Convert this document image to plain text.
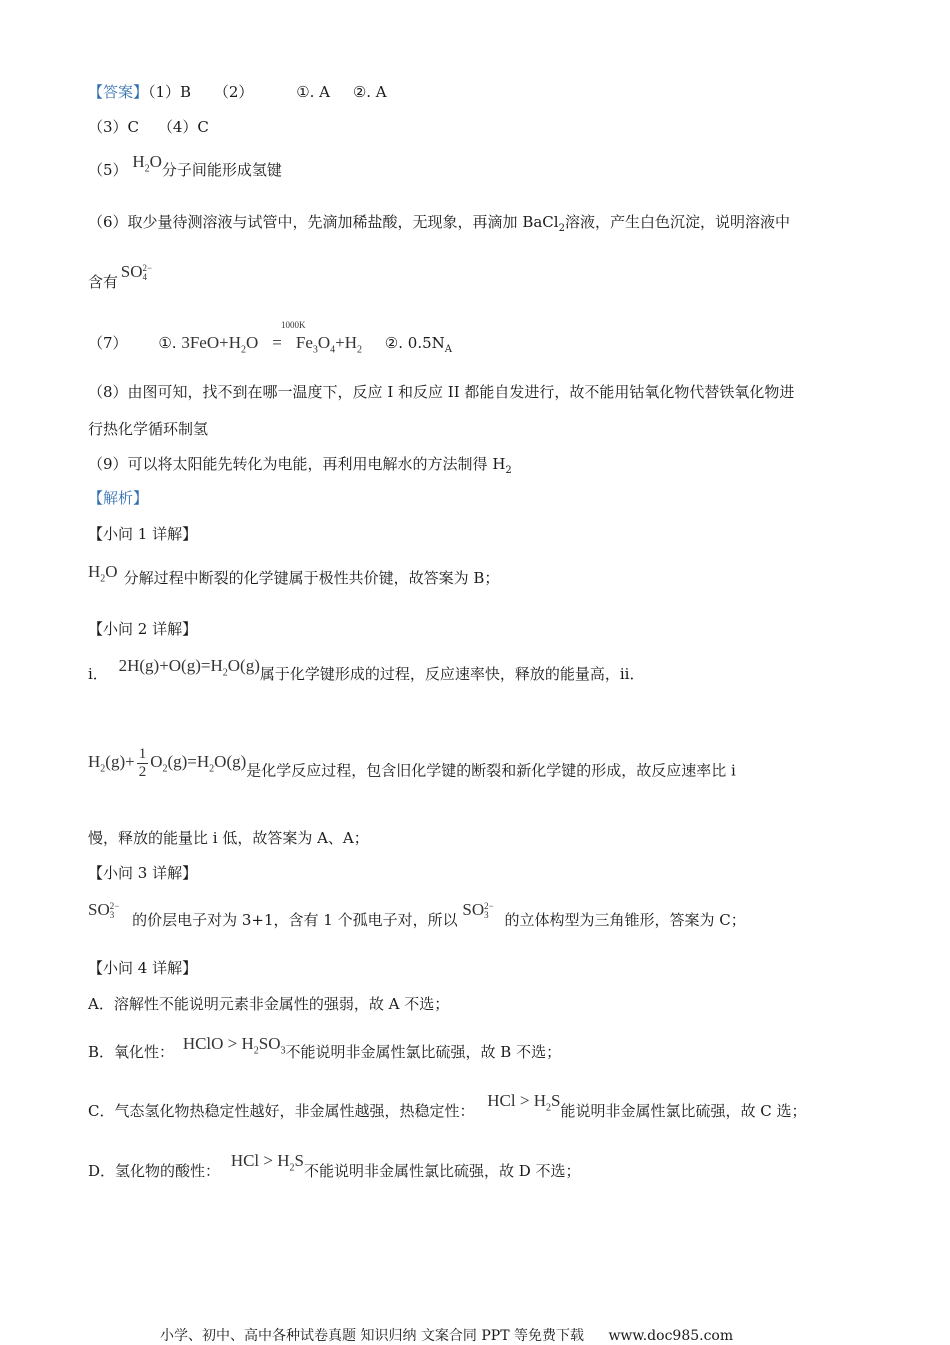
【答案】（1）B （2）	①. A ②. A
（3）C （4）C
（5） $H_2O$分子间能形成氢键
（6）取少量待测溶液与试管中，先滴加稀盐酸，无现象，再滴加 BaCl$_2$溶液，产生白色沉淀，说明溶液中
含有 SO 2−
4
（7） ①. $3FeO+H_2O = Fe_3O_4+H_2$ ②. $0.5N_A$
1000K
（8）由图可知，找不到在哪一温度下，反应 I 和反应 II 都能自发进行，故不能用钴氧化物代替铁氧化物进
行热化学循环制氢
（9）可以将太阳能先转化为电能，再利用电解水的方法制得 $H_2$
【解析】
【小问 1 详解】
$H_2O$ 分解过程中断裂的化学键属于极性共价键，故答案为 B；
【小问 2 详解】
i． $2H(g)+O(g)=H_2O(g)$属于化学键形成的过程，反应速率快，释放的能量高，ii．
$H_2(g)+ \frac{1}{2} O_2(g)=H_2O(g)$是化学反应过程，包含旧化学键的断裂和新化学键的形成，故反应速率比 i
慢，释放的能量比 i 低，故答案为 A、A；
【小问 3 详解】
SO 2−
3	的价层电子对为 3+1，含有 1 个孤电子对，所以 SO 2−
3	的立体构型为三角锥形，答案为 C；
【小问 4 详解】
A．溶解性不能说明元素非金属性的强弱，故 A 不选；
B．氧化性： HClO > $H_2SO_3$不能说明非金属性氯比硫强，故 B 不选；
C．气态氢化物热稳定性越好，非金属性越强，热稳定性： HCl > $H_2S$能说明非金属性氯比硫强，故 C 选；
D．氢化物的酸性： HCl > $H_2S$不能说明非金属性氯比硫强，故 D 不选；
小学、初中、高中各种试卷真题 知识归纳 文案合同 PPT 等免费下载 www.doc985.com
